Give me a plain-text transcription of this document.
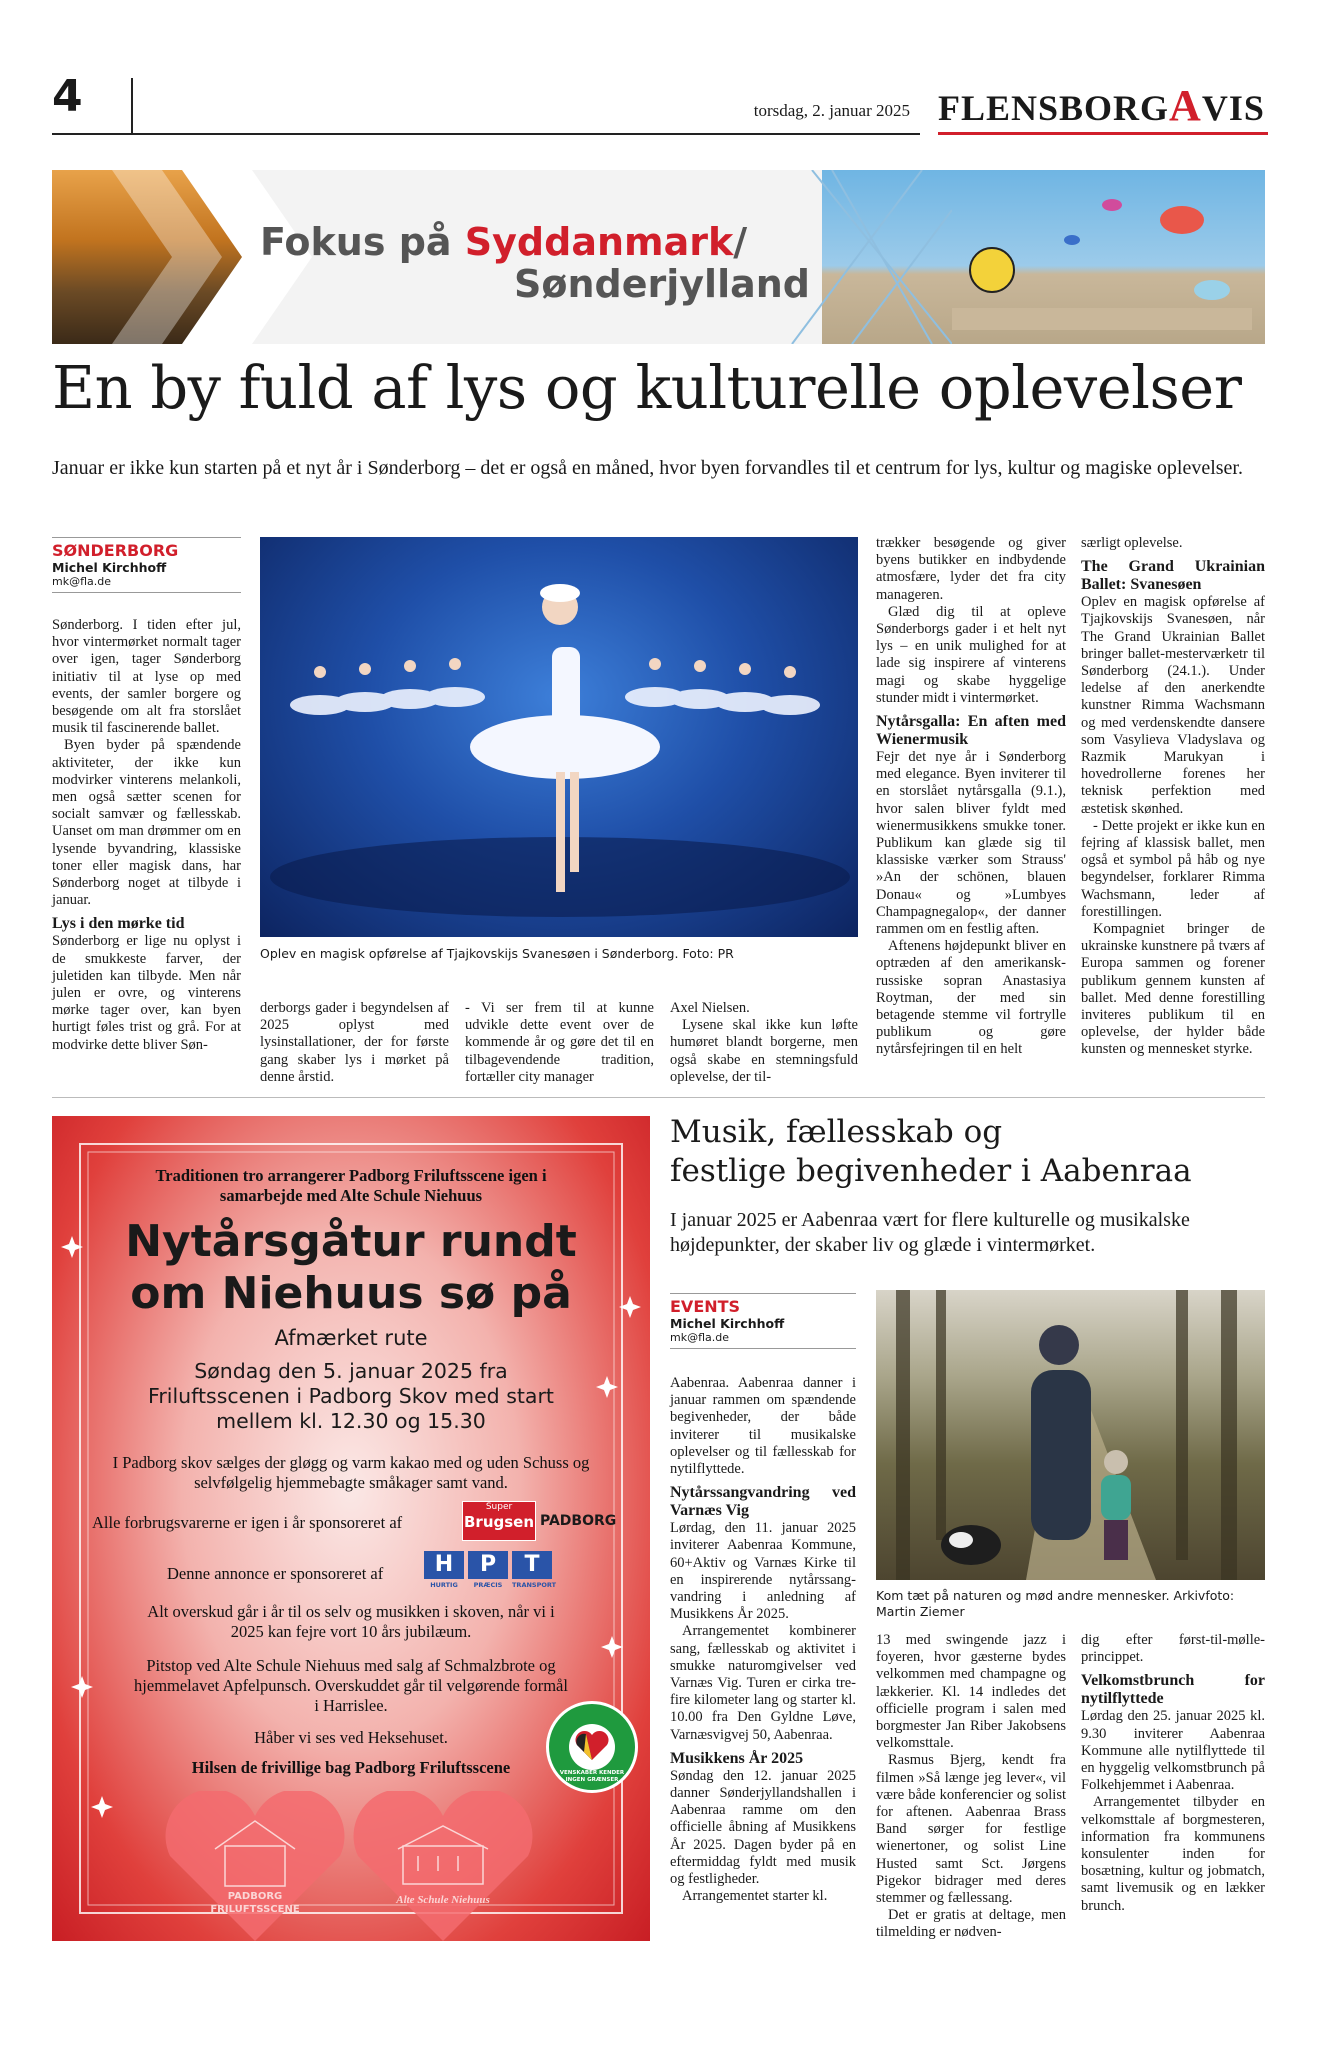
4	torsdag, 2. januar 2025 FLENSBORGAVIS
Fokus på Syddanmark/
Sønderjylland
En by fuld af lys og kulturelle oplevelser
Januar er ikke kun starten på et nyt år i Sønderborg – det er også en måned, hvor byen forvandles til et centrum for lys, kultur og magiske oplevelser.
SØNDERBORG
Michel Kirchhoff
mk@fla.de

Sønderborg. I tiden efter jul, hvor vintermørket normalt tager over igen, tager Sønderborg initiativ til at lyse op med events, der samler borgere og besøgende om alt fra storslået musik til fascinerende ballet.

Byen byder på spændende aktiviteter, der ikke kun modvirker vinterens melankoli, men også sætter scenen for socialt samvær og fællesskab. Uanset om man drømmer om en lysende byvandring, klassiske toner eller magisk dans, har Sønderborg noget at tilbyde i januar.

Lys i den mørke tid

Sønderborg er lige nu oplyst i de smukkeste farver, der juletiden kan tilbyde. Men når julen er ovre, og vinterens mørke tager over, kan byen hurtigt føles trist og grå. For at modvirke dette bliver Søn-

Oplev en magisk opførelse af Tjajkovskijs Svanesøen i Sønderborg. Foto: PR

derborgs gader i begyndelsen af 2025 oplyst med lysinstallationer, der for første gang skaber lys i mørket på denne årstid.

- Vi ser frem til at kunne udvikle dette event over de kommende år og gøre det til en tilbagevendende tradition, fortæller city manager

Axel Nielsen.

Lysene skal ikke kun løfte humøret blandt borgerne, men også skabe en stemningsfuld oplevelse, der til-

trækker besøgende og giver byens butikker en indbydende atmosfære, lyder det fra city manageren.

Glæd dig til at opleve Sønderborgs gader i et helt nyt lys – en unik mulighed for at lade sig inspirere af vinterens magi og skabe hyggelige stunder midt i vintermørket.

Nytårsgalla: En aften med Wienermusik

Fejr det nye år i Sønderborg med elegance. Byen inviterer til en storslået nytårsgalla (9.1.), hvor salen bliver fyldt med wienermusikkens smukke toner. Publikum kan glæde sig til klassiske værker som Strauss' »An der schönen, blauen Donau« og »Lumbyes Champagnegalop«, der danner rammen om en festlig aften.

Aftenens højdepunkt bliver en optræden af den amerikansk-russiske sopran Anastasiya Roytman, der med sin betagende stemme vil fortrylle publikum og gøre nytårsfejringen til en helt

særligt oplevelse.

The Grand Ukrainian Ballet: Svanesøen

Oplev en magisk opførelse af Tjajkovskijs Svanesøen, når The Grand Ukrainian Ballet bringer ballet-mesterværketr til Sønderborg (24.1.). Under ledelse af den anerkendte kunstner Rimma Wachsmann og med verdenskendte dansere som Vasylieva Vladyslava og Razmik Marukyan i hovedrollerne forenes her teknisk perfektion med æstetisk skønhed.

- Dette projekt er ikke kun en fejring af klassisk ballet, men også et symbol på håb og nye begyndelser, forklarer Rimma Wachsmann, leder af forestillingen.

Kompagniet bringer de ukrainske kunstnere på tværs af Europa sammen og forener publikum gennem kunsten af ballet. Med denne forestilling inviteres publikum til en oplevelse, der hylder både kunsten og mennesket styrke.

Traditionen tro arrangerer Padborg Friluftsscene igen i samarbejde med Alte Schule Niehuus
Nytårsgåtur rundt om Niehuus sø på
Afmærket rute
Søndag den 5. januar 2025 fra Friluftsscenen i Padborg Skov med start mellem kl. 12.30 og 15.30
I Padborg skov sælges der gløgg og varm kakao med og uden Schuss og selvfølgelig hjemmebagte småkager samt vand.
Alle forbrugsvarerne er igen i år sponsoreret af
Super
Brugsen PADBORG
Denne annonce er sponsoreret af	H	P	T
HURTIG	PRÆCIS	TRANSPORT
Alt overskud går i år til os selv og musikken i skoven, når vi i 2025 kan fejre vort 10 års jubilæum.
Pitstop ved Alte Schule Niehuus med salg af Schmalzbrote og hjemmelavet Apfelpunsch. Overskuddet går til velgørende formål i Harrislee.
Håber vi ses ved Heksehuset.
Hilsen de frivillige bag Padborg Friluftsscene	VENSKABER KENDER INGEN GRÆNSER
PADBORG
FRILUFTSSCENE
Alte Schule Niehuus
Musik, fællesskab og
festlige begivenheder i Aabenraa
I januar 2025 er Aabenraa vært for flere kulturelle og musikalske højdepunkter, der skaber liv og glæde i vintermørket.
EVENTS
Michel Kirchhoff
mk@fla.de

Aabenraa. Aabenraa danner i januar rammen om spændende begivenheder, der både inviterer til musikalske oplevelser og til fællesskab for nytilflyttede.

Nytårssangvandring ved Varnæs Vig

Lørdag, den 11. januar 2025 inviterer Aabenraa Kommune, 60+Aktiv og Varnæs Kirke til en inspirerende nytårssang-vandring i anledning af Musikkens År 2025.

Arrangementet kombinerer sang, fællesskab og aktivitet i smukke naturomgivelser ved Varnæs Vig. Turen er cirka tre-fire kilometer lang og starter kl. 10.00 fra Den Gyldne Løve, Varnæsvigvej 50, Aabenraa.

Musikkens År 2025

Søndag den 12. januar 2025 danner Sønderjyllandshallen i Aabenraa ramme om den officielle åbning af Musikkens År 2025. Dagen byder på en eftermiddag fyldt med musik og festligheder.

Arrangementet starter kl.

Kom tæt på naturen og mød andre mennesker. Arkivfoto: Martin Ziemer

13 med swingende jazz i foyeren, hvor gæsterne bydes velkommen med champagne og lækkerier. Kl. 14 indledes det officielle program i salen med borgmester Jan Riber Jakobsens velkomsttale.

Rasmus Bjerg, kendt fra filmen »Så længe jeg lever«, vil være både konferencier og solist for aftenen. Aabenraa Brass Band sørger for festlige wienertoner, og solist Line Husted samt Sct. Jørgens Pigekor bidrager med deres stemmer og fællessang.

Det er gratis at deltage, men tilmelding er nødven-

dig efter først-til-mølle-princippet.

Velkomstbrunch for nytilflyttede

Lørdag den 25. januar 2025 kl. 9.30 inviterer Aabenraa Kommune alle nytilflyttede til en hyggelig velkomstbrunch på Folkehjemmet i Aabenraa.

Arrangementet tilbyder en velkomsttale af borgmesteren, information fra kommunens konsulenter inden for bosætning, kultur og jobmatch, samt livemusik og en lækker brunch.
